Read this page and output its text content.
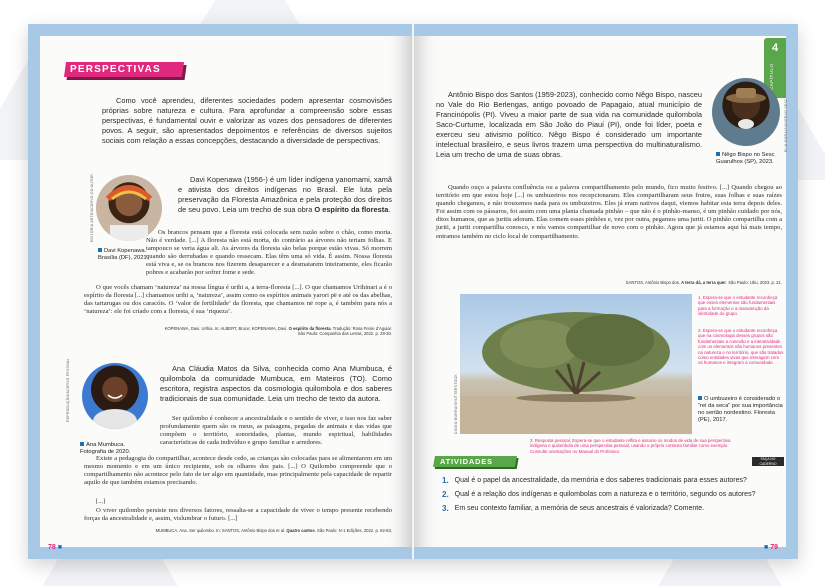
PERSPECTIVAS

Como você aprendeu, diferentes sociedades podem apresentar cosmovisões próprias sobre natureza e cultura. Para aprofundar a compreensão sobre essas perspectivas, é fundamental ouvir e valorizar as vozes dos pensadores de diferentes povos. A seguir, são apresentados depoimentos e referências de diversos sujeitos sociais com relação a essas concepções, destacando a diversidade de perspectivas.

EDITORIA ARTE/ACERVO DO AUTOR
Davi Kopenawa. Brasília (DF), 2021.

Davi Kopenawa (1956-) é um líder indígena yanomami, xamã e ativista dos direitos indígenas no Brasil. Ele luta pela preservação da Floresta Amazônica e pela proteção dos direitos de seu povo. Leia um trecho de sua obra O espírito da floresta.

Os brancos pensam que a floresta está colocada sem razão sobre o chão, como morta. Não é verdade. [...] A floresta não está morta, do contrário as árvores não teriam folhas. E tampouco se veria água ali. As árvores da floresta são belas porque estão vivas. Só morrem quando são derrubadas e quando ressecam. Elas têm uma só vida. É assim. Nossa floresta está viva e, se os brancos nos fizerem desaparecer e a desmatarem inteiramente, eles ficarão pobres e acabarão por sofrer fome e sede.

O que vocês chamam ‘natureza’ na nossa língua é urihi a, a terra-floresta [...]. O que chamamos Urihinari a é o espírito da floresta [...] chamamos urihi a, ‘natureza’, assim como os espíritos animais yarori pë e até os das abelhas, das tartarugas ou dos caracóis. O ‘valor de fertilidade’ da floresta, que chamamos në rope a, é também para nós a ‘natureza’: ele foi criado com a floresta, é sua ‘riqueza’.

KOPENAWA, Davi. Urihia. In: ALBERT, Bruce; KOPENAWA, Davi. O espírito da floresta. Tradução: Rosa Freire d’Aguiar.
São Paulo: Companhia das Letras, 2022. p. 29-30.
REPRODUÇÃO/ACERVO PESSOAL
Ana Mumbuca. Fotografia de 2020.

Ana Cláudia Matos da Silva, conhecida como Ana Mumbuca, é quilombola da comunidade Mumbuca, em Mateiros (TO). Como escritora, registra aspectos da cosmologia quilombola e dos saberes tradicionais de sua comunidade. Leia um trecho de texto da autora.

Ser quilombo é conhecer a ancestralidade e o sentido de viver, e isso nos faz saber profundamente quem são os meus, as paisagens, pegadas de animais e das vidas que compõem o território, sonoridades, plantas, mundo espiritual, habilidades características de cada indivíduo e grupo familiar e arredores.

Existe a pedagogia do compartilhar, acontece desde cedo, as crianças são colocadas para se alimentarem em um mesmo momento e em um único recipiente, sob os olhares dos pais. [...] O Quilombo compreende que o compartilhamento não acontece pelo fato de ter algo em quantidade, mas principalmente pela capacidade de repartir aquilo de que também estamos precisando.

[...]

O viver quilombo persiste nos diversos fatores, ressalta-se a capacidade de viver o tempo presente recebendo forças da ancestralidade e, assim, vislumbrar o futuro. [...]

MUMBUCA, Ana. Ser quilombo. In: SANTOS, Antônio Bispo dos et al. Quatro cantos. São Paulo: N-1 Edições, 2022. p. 82-83.
78 ■
4
CAPÍTULO

Antônio Bispo dos Santos (1959-2023), conhecido como Nêgo Bispo, nasceu no Vale do Rio Berlengas, antigo povoado de Papagaio, atual município de Francinópolis (PI). Viveu a maior parte de sua vida na comunidade quilombola Saco-Curtume, localizada em São João do Piauí (PI), onde foi líder, poeta e exerceu seu ativismo político. Nêgo Bispo é considerado um importante intelectual brasileiro, e seus livros trazem uma perspectiva do multinaturalismo. Leia um trecho de uma de suas obras.

ELIA MORAIS/ACERVO SESC
Nêgo Bispo no Sesc Guarulhos (SP), 2023.

Quando ouço a palavra confluência ou a palavra compartilhamento pelo mundo, fico muito festivo. [...] Quando chegou ao território em que estou hoje [...] os umbuzeiros nos recepcionaram. Eles compartilharam seus frutos, suas folhas e suas raízes quando chegamos, e não trouxemos nada para os umbuzeiros. Eles já eram nativos daqui, viemos habitar esta terra depois deles. Foi assim com os pássaros, foi assim com uma planta chamada pinhão – que não é o pinhão-manso, é um pinhão cuidado por nós, ditos humanos, que as juritis adoram. Elas comem esses pinhões e, vez por outra, pegamos uma juriti. O pinhão compartilha com a juriti, a juriti compartilha conosco, e nós vamos compartilhar de novo com o pinhão. Agora que já estamos aqui há mais tempo, entramos também no ciclo local de compartilhamento.

SANTOS, Antônio Bispo dos. A terra dá, a terra quer. São Paulo: Ubu, 2023. p. 21.
DIOGO BURRA/SHUTTERSTOCK	O umbuzeiro é considerado o “rei da seca” por sua importância no sertão nordestino. Floresta (PE), 2017.
1. Espera-se que o estudante reconheça que esses elementos são fundamentais para a formação e a manutenção da identidade do grupo.
2. Espera-se que o estudante reconheça que na cosmologia desses grupos são fundamentais a conexão e a interatividade com os elementos não humanos presentes na natureza e no território, que são tratados como entidades vivas que interagem com os humanos e integram a comunidade.
3. Resposta pessoal. Espera-se que o estudante reflita e associe os modos de vida de sua perspectiva indígena e quilombola de uma perspectiva pessoal, usando o próprio contexto familiar como exemplo. Consulte orientações no Manual do Professor.
ATIVIDADES	FAÇA NO CADERNO
1. Qual é o papel da ancestralidade, da memória e dos saberes tradicionais para esses autores?
2. Qual é a relação dos indígenas e quilombolas com a natureza e o território, segundo os autores?
3. Em seu contexto familiar, a memória de seus ancestrais é valorizada? Comente.
■ 79
